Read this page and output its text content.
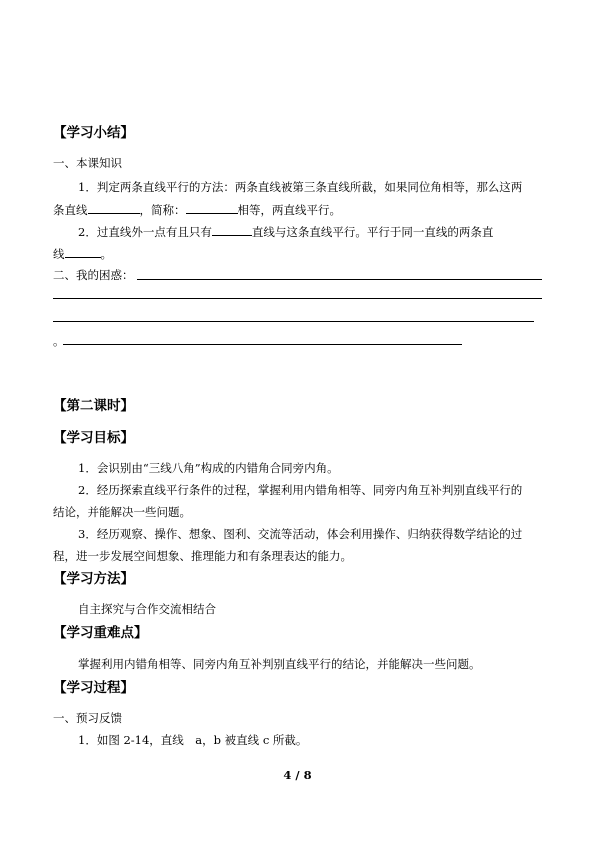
【学习小结】
一、本课知识
1．判定两条直线平行的方法：两条直线被第三条直线所截，如果同位角相等，那么这两
条直线	，简称：	相等，两直线平行。
2．过直线外一点有且只有	直线与这条直线平行。平行于同一直线的两条直
线	。
二、我的困惑：
。
【第二课时】
【学习目标】
1．会识别由“三线八角”构成的内错角合同旁内角。
2．经历探索直线平行条件的过程，掌握利用内错角相等、同旁内角互补判别直线平行的
结论，并能解决一些问题。
3．经历观察、操作、想象、图利、交流等活动，体会利用操作、归纳获得数学结论的过
程，进一步发展空间想象、推理能力和有条理表达的能力。
【学习方法】
自主探究与合作交流相结合
【学习重难点】
掌握利用内错角相等、同旁内角互补判别直线平行的结论，并能解决一些问题。
【学习过程】
一、预习反馈
1．如图 2-14，直线　a，b 被直线 c 所截。
4 / 8
